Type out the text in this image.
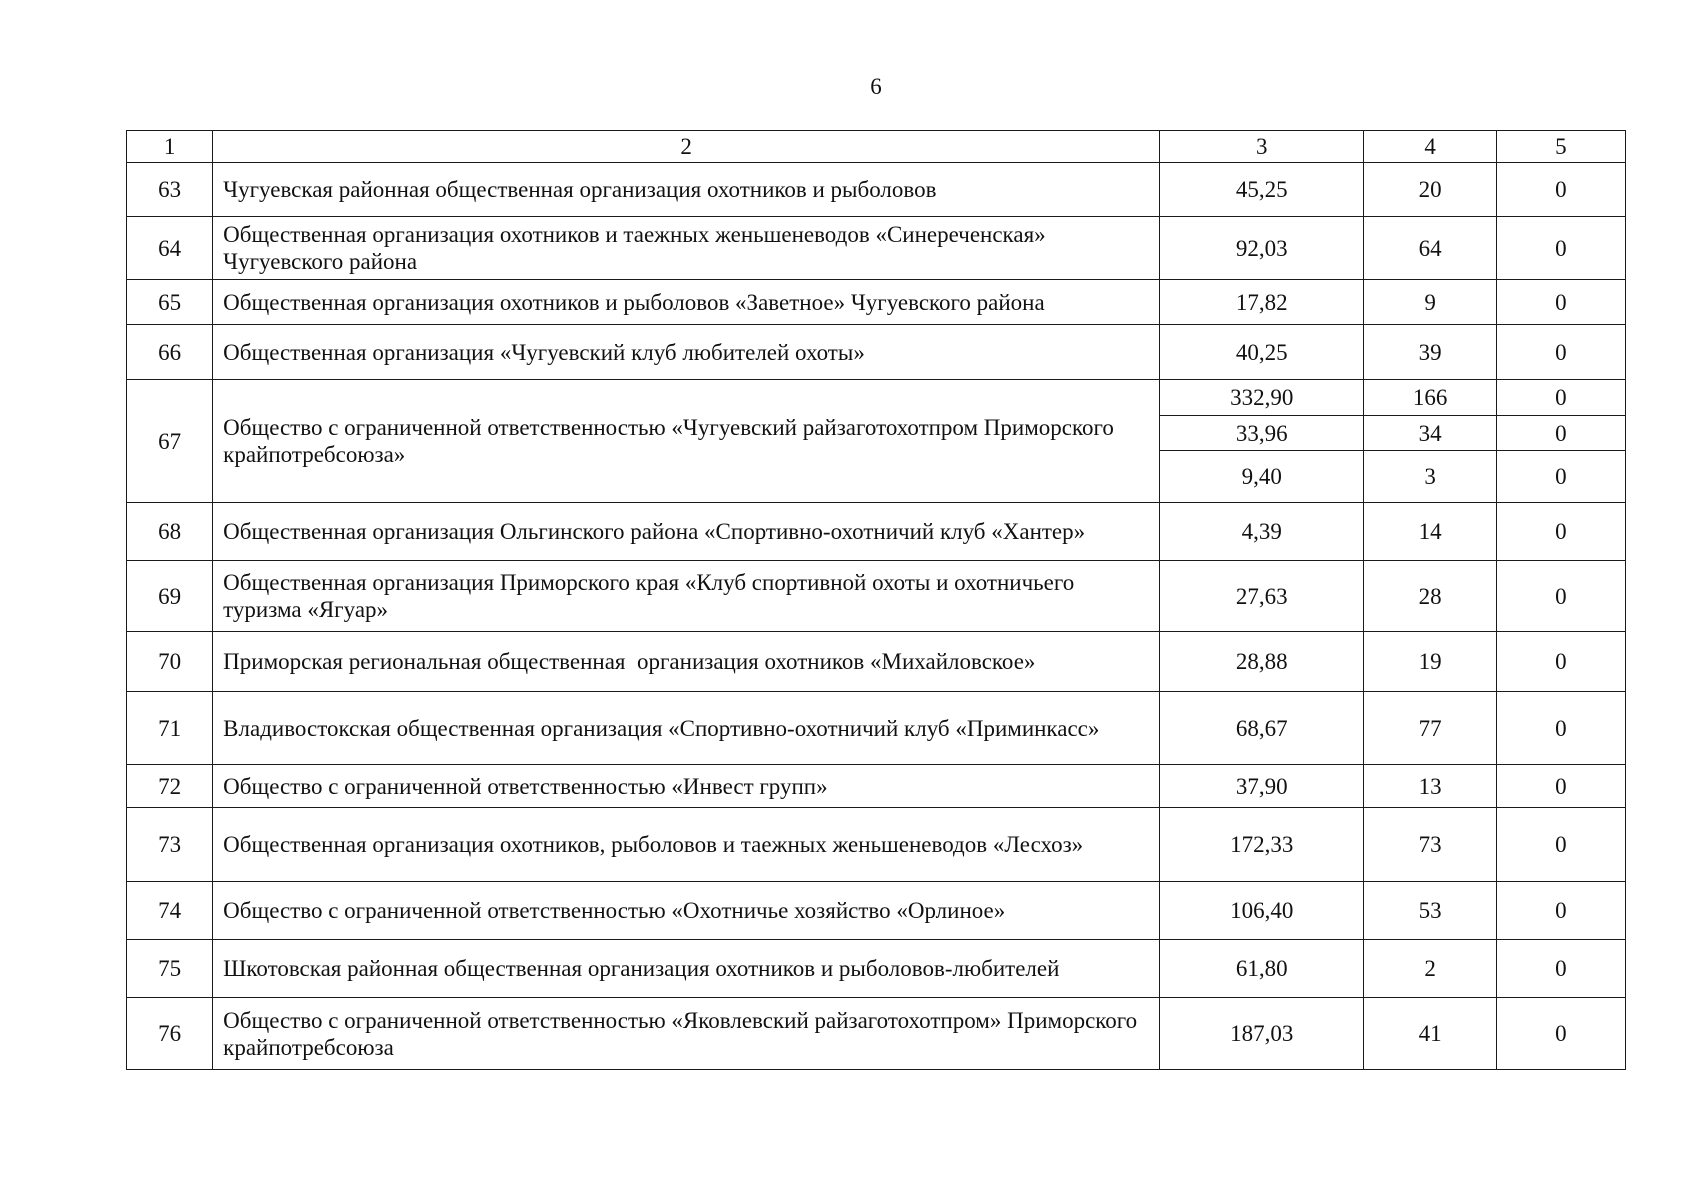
6
1	2	3	4	5
63	Чугуевская районная общественная организация охотников и рыболовов	45,25	20	0
64	Общественная организация охотников и таежных женьшеневодов «Синереченская» Чугуевского района	92,03	64	0
65	Общественная организация охотников и рыболовов «Заветное» Чугуевского района	17,82	9	0
66	Общественная организация «Чугуевский клуб любителей охоты»	40,25	39	0
67	Общество с ограниченной ответственностью «Чугуевский райзаготохотпром Приморского крайпотребсоюза»	332,90	166	0
		33,96	34	0
		9,40	3	0
68	Общественная организация Ольгинского района «Спортивно-охотничий клуб «Хантер»	4,39	14	0
69	Общественная организация Приморского края «Клуб спортивной охоты и охотничьего туризма «Ягуар»	27,63	28	0
70	Приморская региональная общественная  организация охотников «Михайловское»	28,88	19	0
71	Владивостокская общественная организация «Спортивно-охотничий клуб «Приминкасс»	68,67	77	0
72	Общество с ограниченной ответственностью «Инвест групп»	37,90	13	0
73	Общественная организация охотников, рыболовов и таежных женьшеневодов «Лесхоз»	172,33	73	0
74	Общество с ограниченной ответственностью «Охотничье хозяйство «Орлиное»	106,40	53	0
75	Шкотовская районная общественная организация охотников и рыболовов-любителей	61,80	2	0
76	Общество с ограниченной ответственностью «Яковлевский райзаготохотпром» Приморского крайпотребсоюза	187,03	41	0
